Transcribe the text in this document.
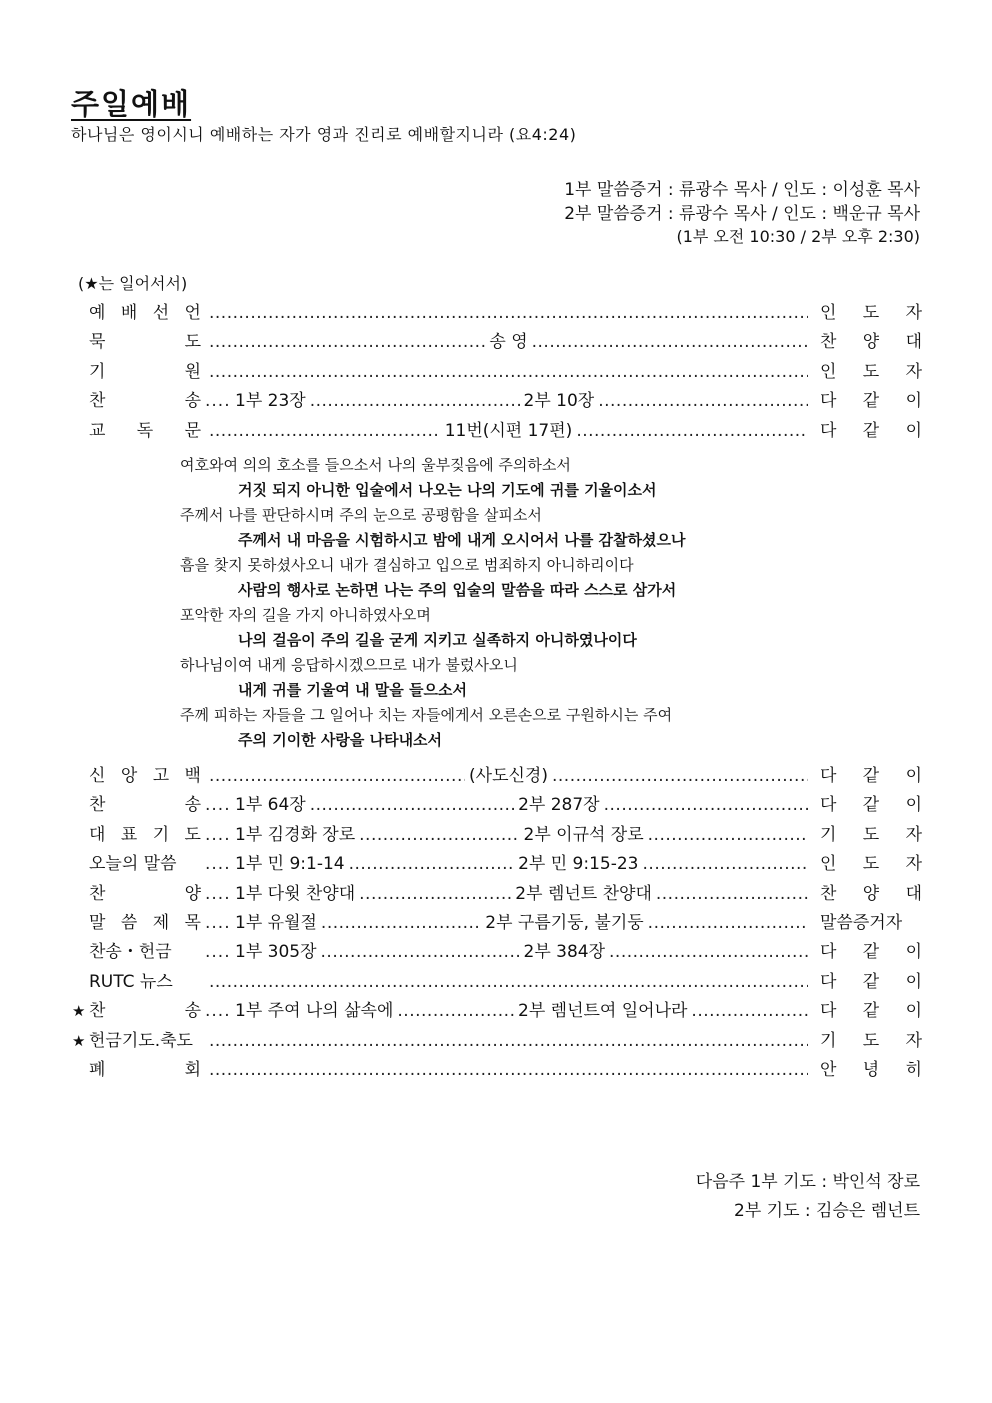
주일예배
하나님은 영이시니 예배하는 자가 영과 진리로 예배할지니라 (요4:24)
1부 말씀증거 : 류광수 목사 / 인도 : 이성훈 목사
2부 말씀증거 : 류광수 목사 / 인도 : 백운규 목사
(1부 오전 10:30 / 2부 오후 2:30)
(★는 일어서서)
예 배 선 언 .....	인 도 자
묵	도 .....	송 영 .....	찬 양 대
기	원 .....	인 도 자
찬	송 .... 1부 23장 .....	2부 10장 .....	다 같 이
교 독 문 .....	11번(시편 17편) .....	다 같 이
여호와여 의의 호소를 들으소서 나의 울부짖음에 주의하소서
거짓 되지 아니한 입술에서 나오는 나의 기도에 귀를 기울이소서
주께서 나를 판단하시며 주의 눈으로 공평함을 살피소서
주께서 내 마음을 시험하시고 밤에 내게 오시어서 나를 감찰하셨으나
흠을 찾지 못하셨사오니 내가 결심하고 입으로 범죄하지 아니하리이다
사람의 행사로 논하면 나는 주의 입술의 말씀을 따라 스스로 삼가서
포악한 자의 길을 가지 아니하였사오며
나의 걸음이 주의 길을 굳게 지키고 실족하지 아니하였나이다
하나님이여 내게 응답하시겠으므로 내가 불렀사오니
내게 귀를 기울여 내 말을 들으소서
주께 피하는 자들을 그 일어나 치는 자들에게서 오른손으로 구원하시는 주여
주의 기이한 사랑을 나타내소서
신 앙 고 백 .....	(사도신경) .....	다 같 이
찬	송 .... 1부 64장 .....	2부 287장 .....	다 같 이
대 표 기 도 .... 1부 김경화 장로 .....	2부 이규석 장로 .....	기 도 자
오늘의 말씀 .... 1부 민 9:1-14 .....	2부 민 9:15-23 .....	인 도 자
찬	양 .... 1부 다윗 찬양대 .....	2부 렘넌트 찬양대 .....	찬 양 대
말 씀 제 목 .... 1부 유월절 .....	2부 구름기둥, 불기둥 .....	말씀증거자
찬송・헌금 .... 1부 305장 .....	2부 384장 .....	다 같 이
RUTC 뉴스 .....	다 같 이
★ 찬	송 .... 1부 주여 나의 삶속에 .....	2부 렘넌트여 일어나라 .....	다 같 이
★ 헌금기도.축도 .....	기 도 자
폐	회 .....	안 녕 히
다음주 1부 기도 : 박인석 장로
2부 기도 : 김승은 렘넌트
